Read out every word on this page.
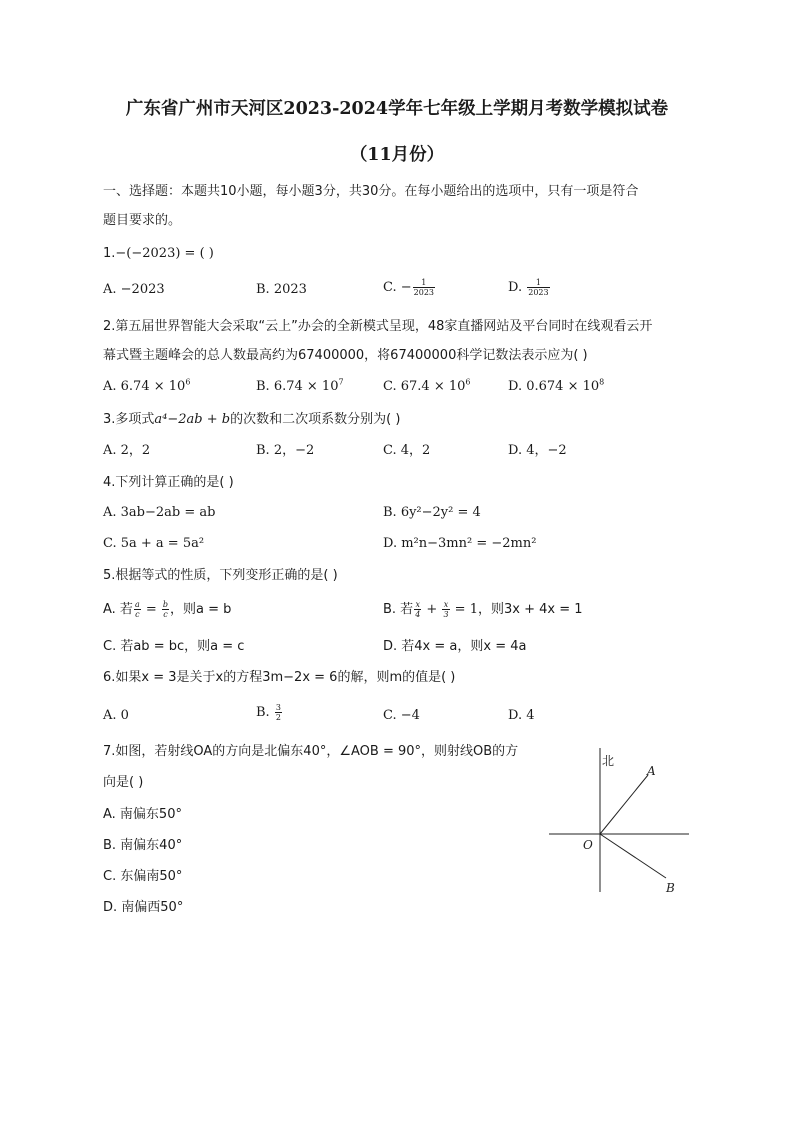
广东省广州市天河区2023-2024学年七年级上学期月考数学模拟试卷
（11月份）
一、选择题：本题共10小题，每小题3分，共30分。在每小题给出的选项中，只有一项是符合
题目要求的。
1.−(−2023) = ( )
A. −2023	B. 2023	C. − $\frac{1}{2023}$	D. $\frac{1}{2023}$
2.第五届世界智能大会采取“云上”办会的全新模式呈现，48家直播网站及平台同时在线观看云开
幕式暨主题峰会的总人数最高约为67400000，将67400000科学记数法表示应为( )
A. $6.74 \times 10^6$	B. $6.74 \times 10^7$	C. $67.4 \times 10^6$	D. $0.674 \times 10^8$
3.多项式a⁴−2ab + b的次数和二次项系数分别为( )
A. 2，2	B. 2，−2	C. 4，2	D. 4，−2
4.下列计算正确的是( )
A. 3ab−2ab = ab	B. 6y²−2y² = 4
C. 5a + a = 5a²	D. m²n−3mn² = −2mn²
5.根据等式的性质，下列变形正确的是( )
A. 若 $\frac{a}{c} = \frac{b}{c}$ ，则a = b	B. 若 $\frac{x}{4} + \frac{x}{3} = 1$，则3x + 4x = 1
C. 若ab = bc，则a = c	D. 若4x = a，则x = 4a
6.如果x = 3是关于x的方程3m−2x = 6的解，则m的值是( )
A. 0	B. $\frac{3}{2}$	C. −4	D. 4
7.如图，若射线OA的方向是北偏东40°，∠AOB = 90°，则射线OB的方
向是( )
A. 南偏东50°
B. 南偏东40°
C. 东偏南50°
D. 南偏西50°
北
A
O
B
